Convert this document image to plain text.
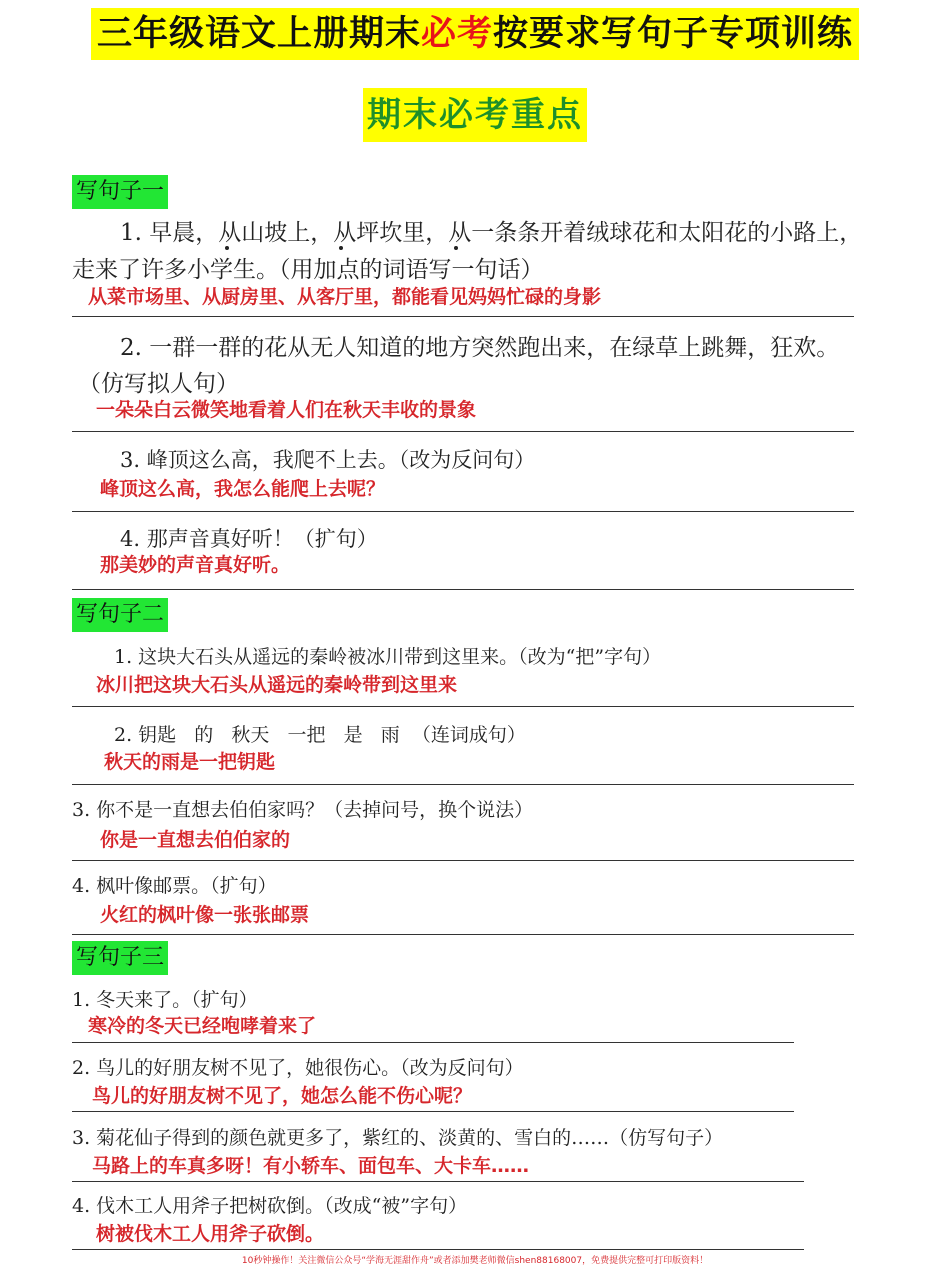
三年级语文上册期末必考按要求写句子专项训练
期末必考重点
写句子一
1. 早晨，从山坡上，从坪坎里，从一条条开着绒球花和太阳花的小路上，
走来了许多小学生。（用加点的词语写一句话）
从菜市场里、从厨房里、从客厅里，都能看见妈妈忙碌的身影
2. 一群一群的花从无人知道的地方突然跑出来，在绿草上跳舞，狂欢。
（仿写拟人句）
一朵朵白云微笑地看着人们在秋天丰收的景象
3. 峰顶这么高，我爬不上去。（改为反问句）
峰顶这么高，我怎么能爬上去呢？
4. 那声音真好听！（扩句）
那美妙的声音真好听。
写句子二
1. 这块大石头从遥远的秦岭被冰川带到这里来。（改为“把”字句）
冰川把这块大石头从遥远的秦岭带到这里来
2. 钥匙   的   秋天   一把   是   雨  （连词成句）
秋天的雨是一把钥匙
3. 你不是一直想去伯伯家吗？（去掉问号，换个说法）
你是一直想去伯伯家的
4. 枫叶像邮票。（扩句）
火红的枫叶像一张张邮票
写句子三
1. 冬天来了。（扩句）
寒冷的冬天已经咆哮着来了
2. 鸟儿的好朋友树不见了，她很伤心。（改为反问句）
鸟儿的好朋友树不见了，她怎么能不伤心呢？
3. 菊花仙子得到的颜色就更多了，紫红的、淡黄的、雪白的……（仿写句子）
马路上的车真多呀！有小轿车、面包车、大卡车……
4. 伐木工人用斧子把树砍倒。（改成“被”字句）
树被伐木工人用斧子砍倒。
10秒钟操作！关注微信公众号“学海无涯甜作舟”或者添加樊老师微信shen88168007，免费提供完整可打印版资料！
